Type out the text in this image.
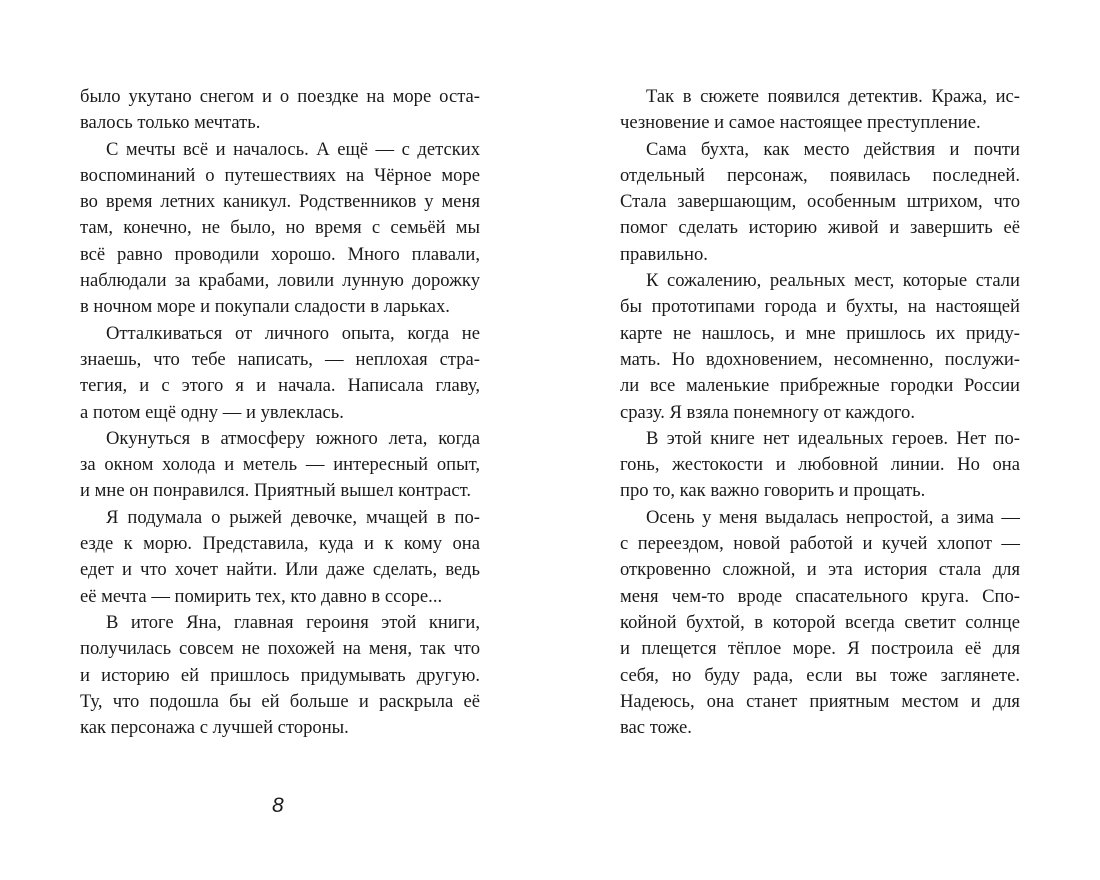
было укутано снегом и о поездке на море оста-
валось только мечтать.
С мечты всё и началось. А ещё — с детских
воспоминаний о путешествиях на Чёрное море
во время летних каникул. Родственников у меня
там, конечно, не было, но время с семьёй мы
всё равно проводили хорошо. Много плавали,
наблюдали за крабами, ловили лунную дорожку
в ночном море и покупали сладости в ларьках.
Отталкиваться от личного опыта, когда не
знаешь, что тебе написать, — неплохая стра-
тегия, и с этого я и начала. Написала главу,
а потом ещё одну — и увлеклась.
Окунуться в атмосферу южного лета, когда
за окном холода и метель — интересный опыт,
и мне он понравился. Приятный вышел контраст.
Я подумала о рыжей девочке, мчащей в по-
езде к морю. Представила, куда и к кому она
едет и что хочет найти. Или даже сделать, ведь
её мечта — помирить тех, кто давно в ссоре...
В итоге Яна, главная героиня этой книги,
получилась совсем не похожей на меня, так что
и историю ей пришлось придумывать другую.
Ту, что подошла бы ей больше и раскрыла её
как персонажа с лучшей стороны.
Так в сюжете появился детектив. Кража, ис-
чезновение и самое настоящее преступление.
Сама бухта, как место действия и почти
отдельный персонаж, появилась последней.
Стала завершающим, особенным штрихом, что
помог сделать историю живой и завершить её
правильно.
К сожалению, реальных мест, которые стали
бы прототипами города и бухты, на настоящей
карте не нашлось, и мне пришлось их приду-
мать. Но вдохновением, несомненно, послужи-
ли все маленькие прибрежные городки России
сразу. Я взяла понемногу от каждого.
В этой книге нет идеальных героев. Нет по-
гонь, жестокости и любовной линии. Но она
про то, как важно говорить и прощать.
Осень у меня выдалась непростой, а зима —
с переездом, новой работой и кучей хлопот —
откровенно сложной, и эта история стала для
меня чем-то вроде спасательного круга. Спо-
койной бухтой, в которой всегда светит солнце
и плещется тёплое море. Я построила её для
себя, но буду рада, если вы тоже заглянете.
Надеюсь, она станет приятным местом и для
вас тоже.
8
